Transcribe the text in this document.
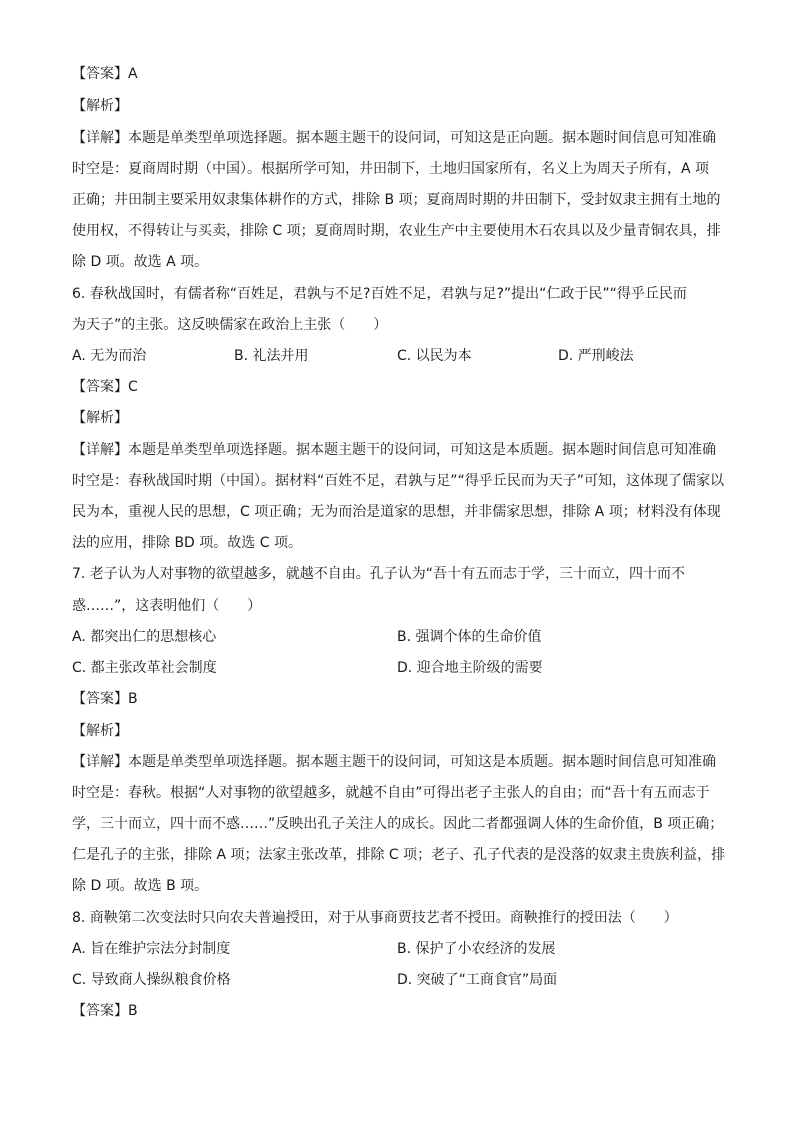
【答案】A
【解析】
【详解】本题是单类型单项选择题。据本题主题干的设问词，可知这是正向题。据本题时间信息可知准确
时空是：夏商周时期（中国）。根据所学可知，井田制下，土地归国家所有，名义上为周天子所有，A 项
正确；井田制主要采用奴隶集体耕作的方式，排除 B 项；夏商周时期的井田制下，受封奴隶主拥有土地的
使用权，不得转让与买卖，排除 C 项；夏商周时期，农业生产中主要使用木石农具以及少量青铜农具，排
除 D 项。故选 A 项。
6. 春秋战国时，有儒者称“百姓足，君孰与不足?百姓不足，君孰与足?”提出“仁政于民”“得乎丘民而
为天子”的主张。这反映儒家在政治上主张（　　）
A. 无为而治	B. 礼法并用	C. 以民为本	D. 严刑峻法
【答案】C
【解析】
【详解】本题是单类型单项选择题。据本题主题干的设问词，可知这是本质题。据本题时间信息可知准确
时空是：春秋战国时期（中国）。据材料“百姓不足，君孰与足”“得乎丘民而为天子”可知，这体现了儒家以
民为本，重视人民的思想，C 项正确；无为而治是道家的思想，并非儒家思想，排除 A 项；材料没有体现
法的应用，排除 BD 项。故选 C 项。
7. 老子认为人对事物的欲望越多，就越不自由。孔子认为“吾十有五而志于学，三十而立，四十而不
惑……”，这表明他们（　　）
A. 都突出仁的思想核心	B. 强调个体的生命价值
C. 都主张改革社会制度	D. 迎合地主阶级的需要
【答案】B
【解析】
【详解】本题是单类型单项选择题。据本题主题干的设问词，可知这是本质题。据本题时间信息可知准确
时空是：春秋。根据“人对事物的欲望越多，就越不自由”可得出老子主张人的自由；而“吾十有五而志于
学，三十而立，四十而不惑……”反映出孔子关注人的成长。因此二者都强调人体的生命价值，B 项正确；
仁是孔子的主张，排除 A 项；法家主张改革，排除 C 项；老子、孔子代表的是没落的奴隶主贵族利益，排
除 D 项。故选 B 项。
8. 商鞅第二次变法时只向农夫普遍授田，对于从事商贾技艺者不授田。商鞅推行的授田法（　　）
A. 旨在维护宗法分封制度	B. 保护了小农经济的发展
C. 导致商人操纵粮食价格	D. 突破了“工商食官”局面
【答案】B
